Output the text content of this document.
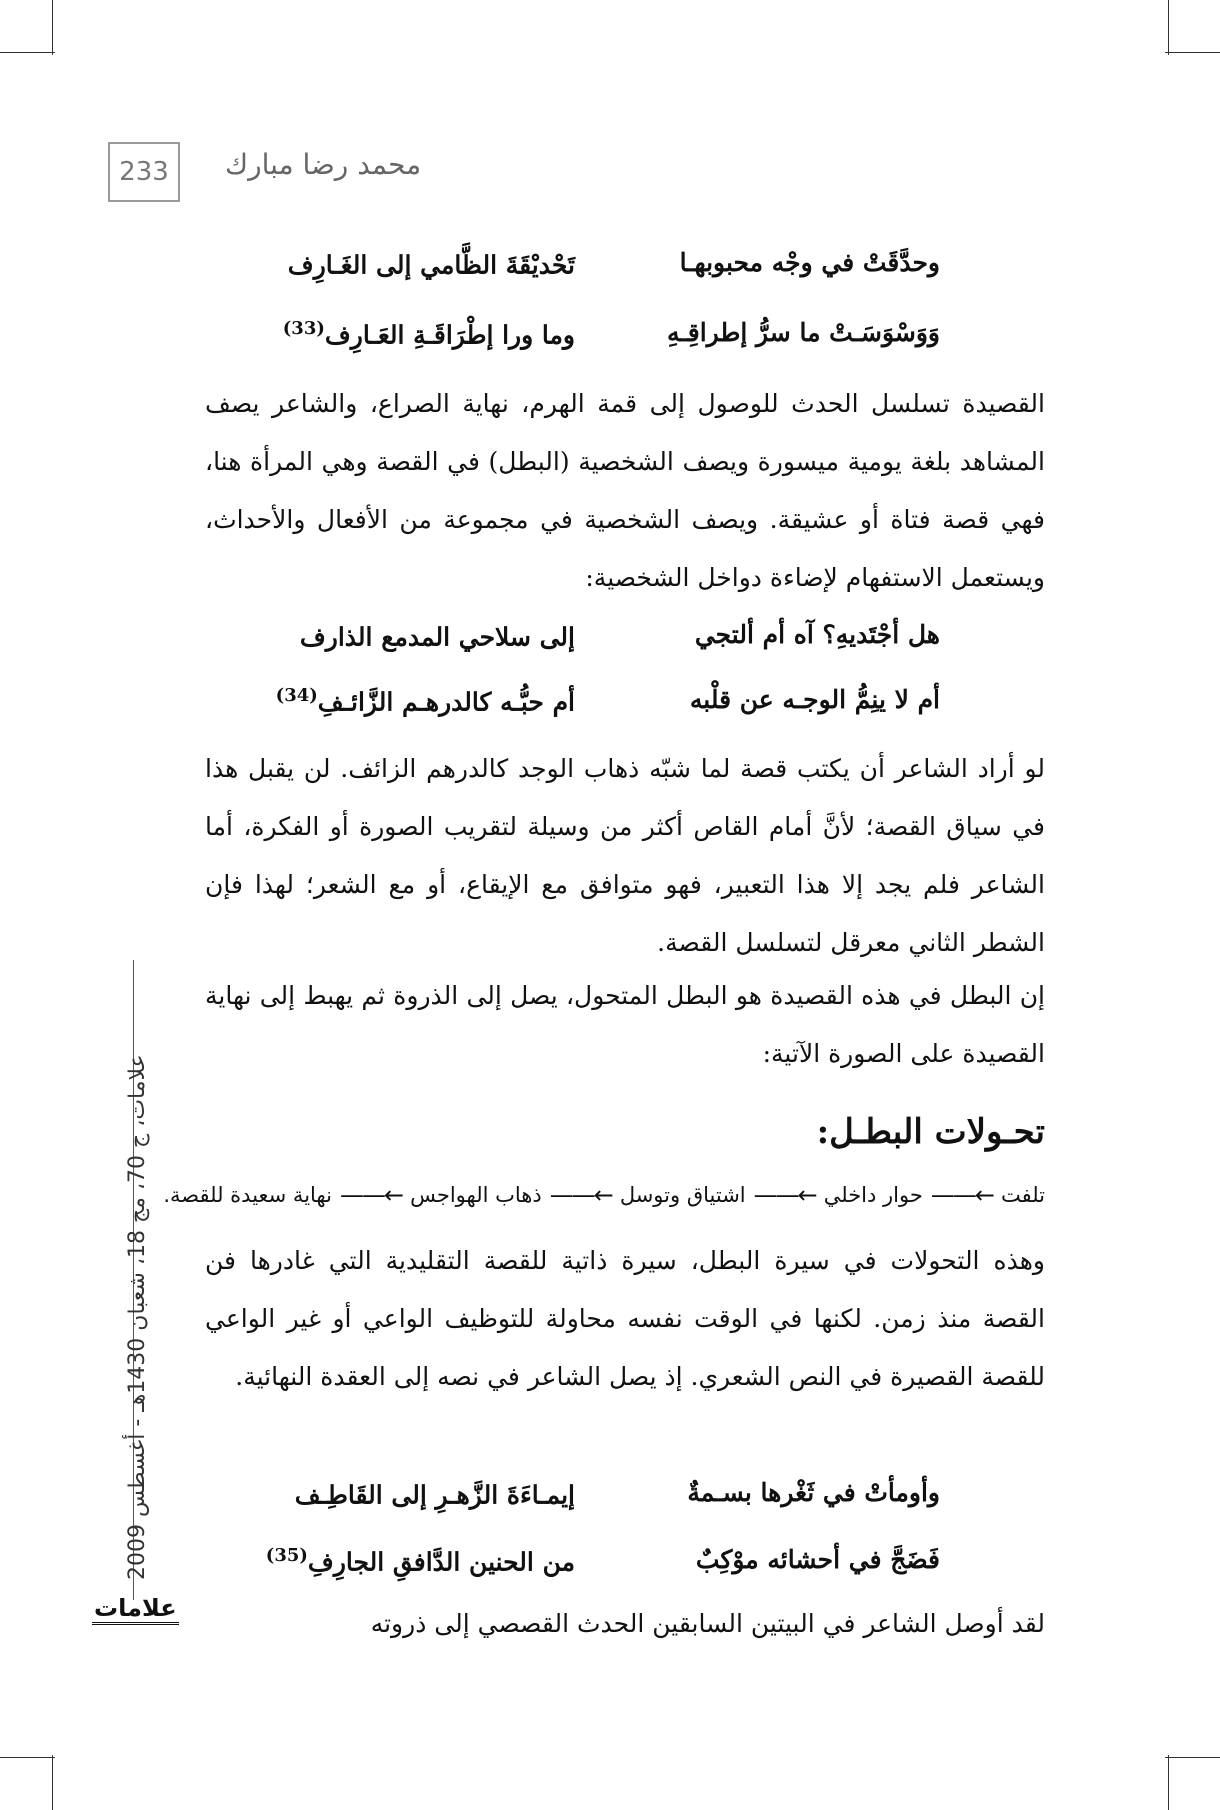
233	محمد رضا مبارك
وحدَّقَتْ في وجْه محبوبهـا
تَحْديْقَةَ الظَّامي إلى الغَـارِف
وَوَسْوَسَـتْ ما سرُّ إطراقِـهِ
وما ورا إطْرَاقَـةِ العَـارِف$^{(33)}$
القصيدة تسلسل الحدث للوصول إلى قمة الهرم، نهاية الصراع، والشاعر يصف المشاهد بلغة يومية ميسورة ويصف الشخصية (البطل) في القصة وهي المرأة هنا، فهي قصة فتاة أو عشيقة. ويصف الشخصية في مجموعة من الأفعال والأحداث، ويستعمل الاستفهام لإضاءة دواخل الشخصية:
هل أجْتَديهِ؟ آه أم ألتجي
إلى سلاحي المدمع الذارف
أم لا ينِمُّ الوجـه عن قلْبه
أم حبُّـه كالدرهـم الزَّائـفِ$^{(34)}$
لو أراد الشاعر أن يكتب قصة لما شبّه ذهاب الوجد كالدرهم الزائف. لن يقبل هذا في سياق القصة؛ لأنَّ أمام القاص أكثر من وسيلة لتقريب الصورة أو الفكرة، أما الشاعر فلم يجد إلا هذا التعبير، فهو متوافق مع الإيقاع، أو مع الشعر؛ لهذا فإن الشطر الثاني معرقل لتسلسل القصة.
إن البطل في هذه القصيدة هو البطل المتحول، يصل إلى الذروة ثم يهبط إلى نهاية القصيدة على الصورة الآتية:
تحـولات البطـل:
تلفت
←——
حوار داخلي
←——
اشتياق وتوسل
←——
ذهاب الهواجس
←——
نهاية سعيدة للقصة.
وهذه التحولات في سيرة البطل، سيرة ذاتية للقصة التقليدية التي غادرها فن القصة منذ زمن. لكنها في الوقت نفسه محاولة للتوظيف الواعي أو غير الواعي للقصة القصيرة في النص الشعري. إذ يصل الشاعر في نصه إلى العقدة النهائية.
وأومأتْ في ثَغْرها بسـمةٌ
إيمـاءَةَ الزَّهـرِ إلى القَاطِـف
فَضَجَّ في أحشائه موْكِبٌ
من الحنين الدَّافقِ الجارِفِ$^{(35)}$
لقد أوصل الشاعر في البيتين السابقين الحدث القصصي إلى ذروته
علامات، ج 70، مج 18، شعبان 1430هـ - أغسطس 2009
علامات
